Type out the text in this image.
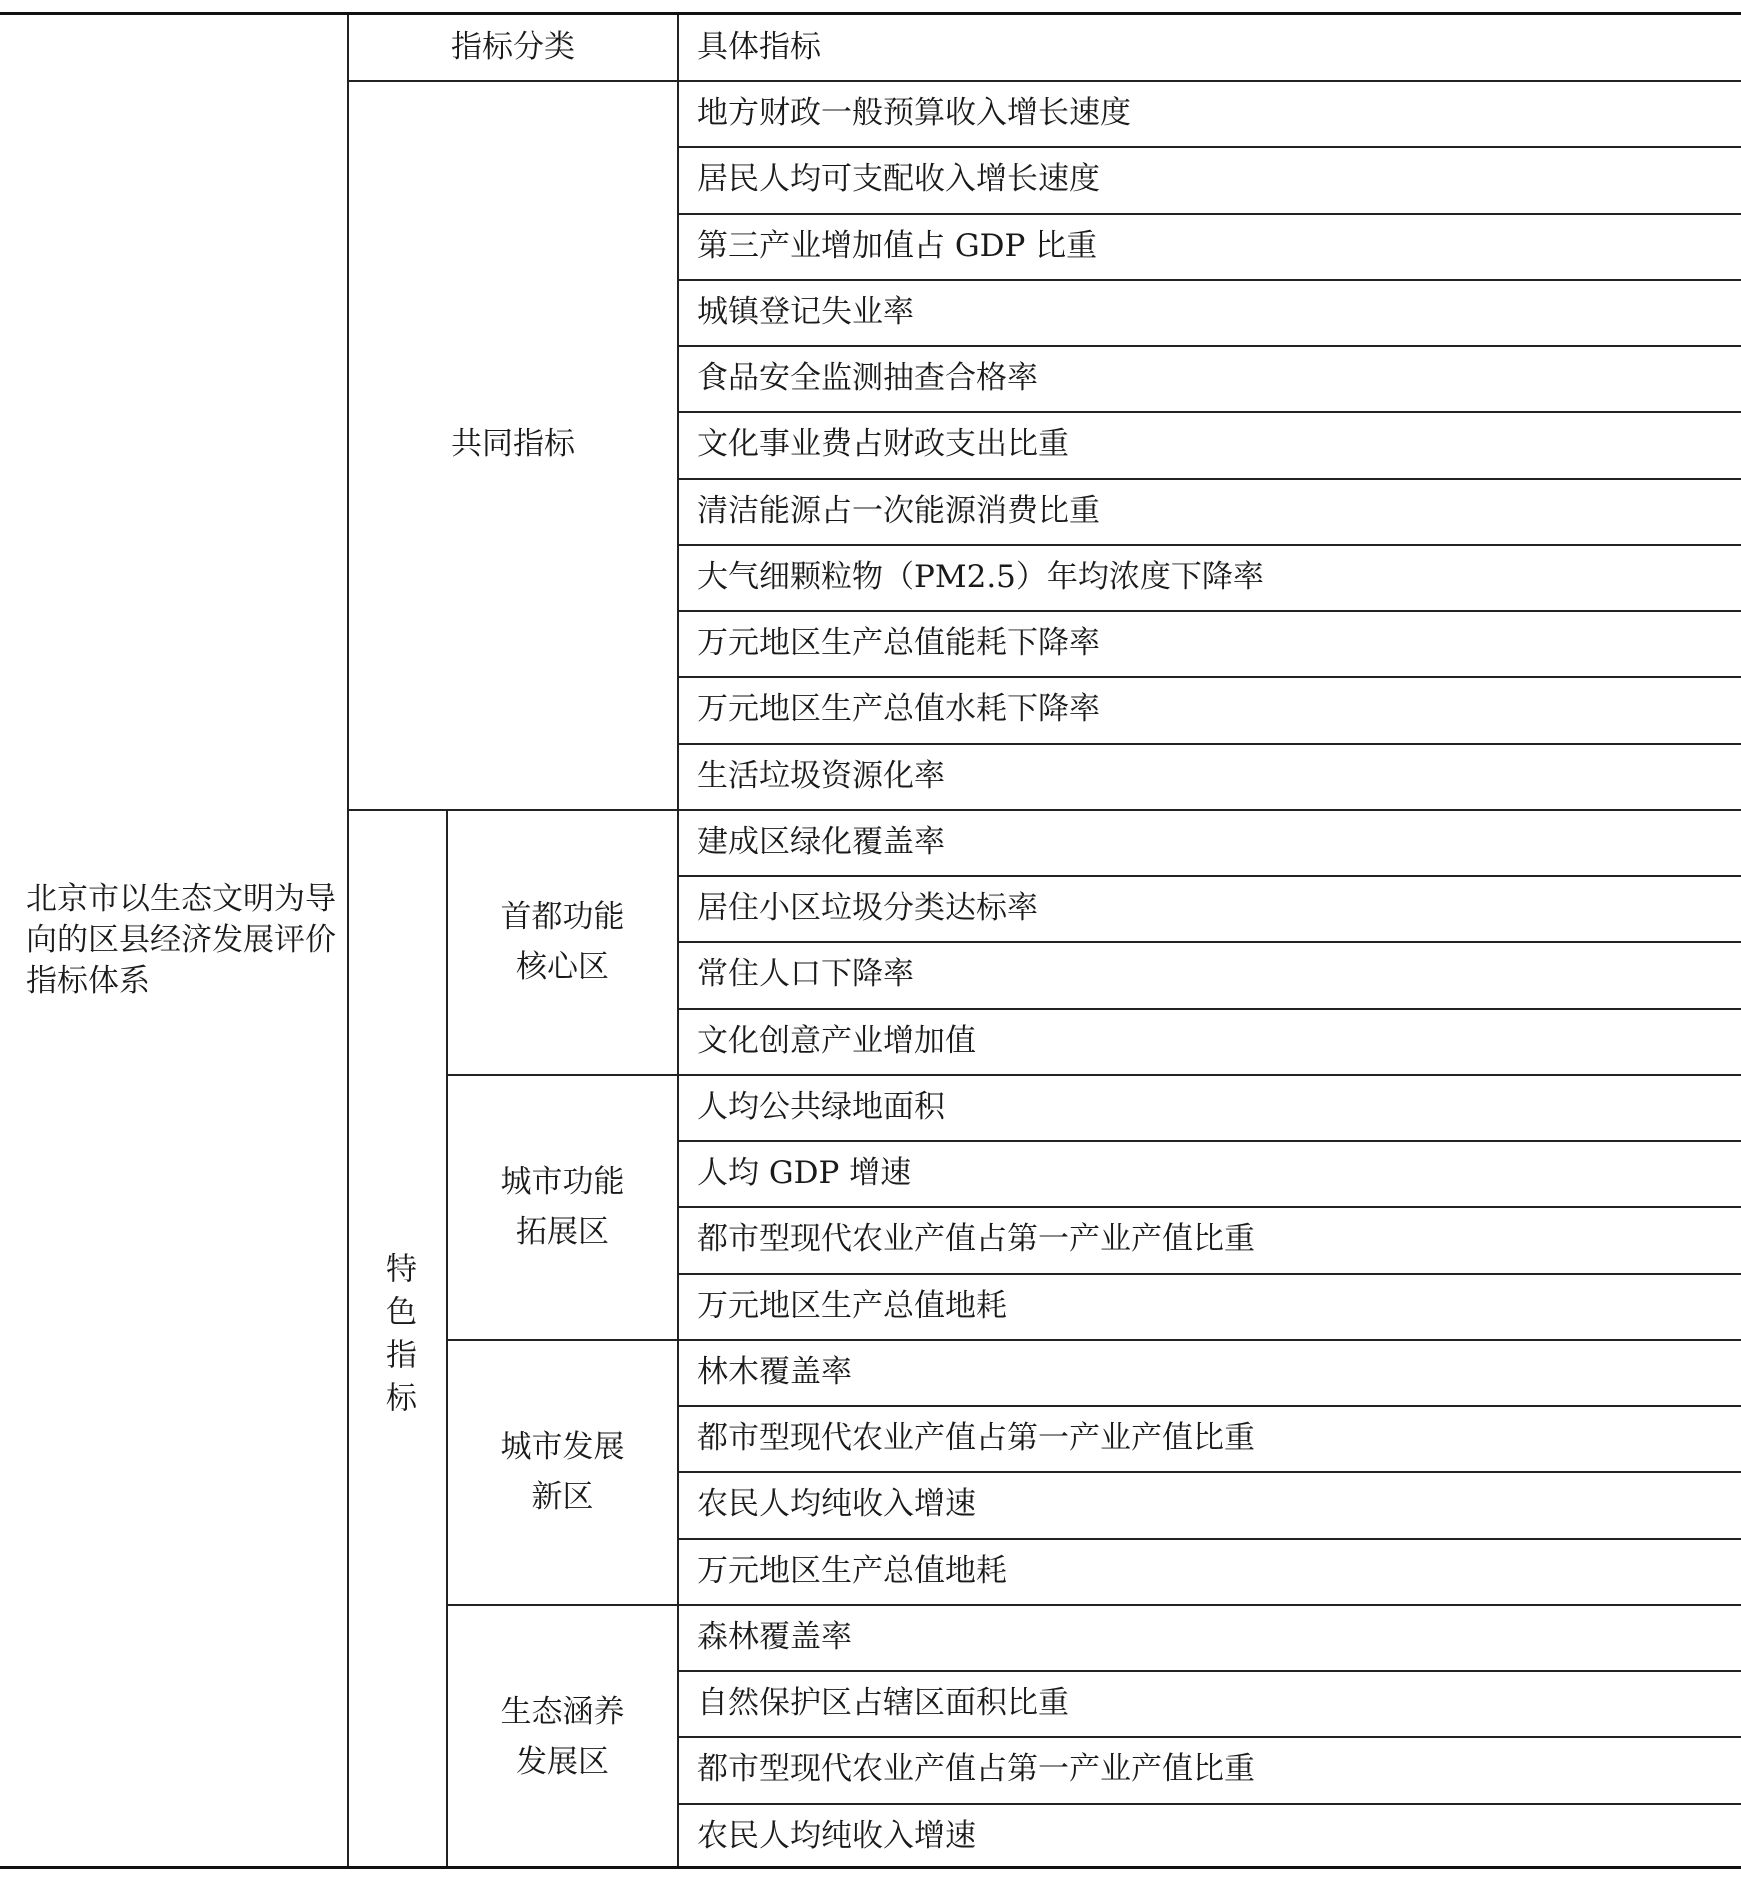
北京市以生态文明为导向的区县经济发展评价指标体系
指标分类	具体指标
共同指标
特色指标
地方财政一般预算收入增长速度
居民人均可支配收入增长速度
第三产业增加值占 GDP 比重
城镇登记失业率
食品安全监测抽查合格率
文化事业费占财政支出比重
清洁能源占一次能源消费比重
大气细颗粒物（PM2.5）年均浓度下降率
万元地区生产总值能耗下降率
万元地区生产总值水耗下降率
生活垃圾资源化率
首都功能
核心区
建成区绿化覆盖率
居住小区垃圾分类达标率
常住人口下降率
文化创意产业增加值
城市功能
拓展区
人均公共绿地面积
人均 GDP 增速
都市型现代农业产值占第一产业产值比重
万元地区生产总值地耗
城市发展
新区
林木覆盖率
都市型现代农业产值占第一产业产值比重
农民人均纯收入增速
万元地区生产总值地耗
生态涵养
发展区
森林覆盖率
自然保护区占辖区面积比重
都市型现代农业产值占第一产业产值比重
农民人均纯收入增速
